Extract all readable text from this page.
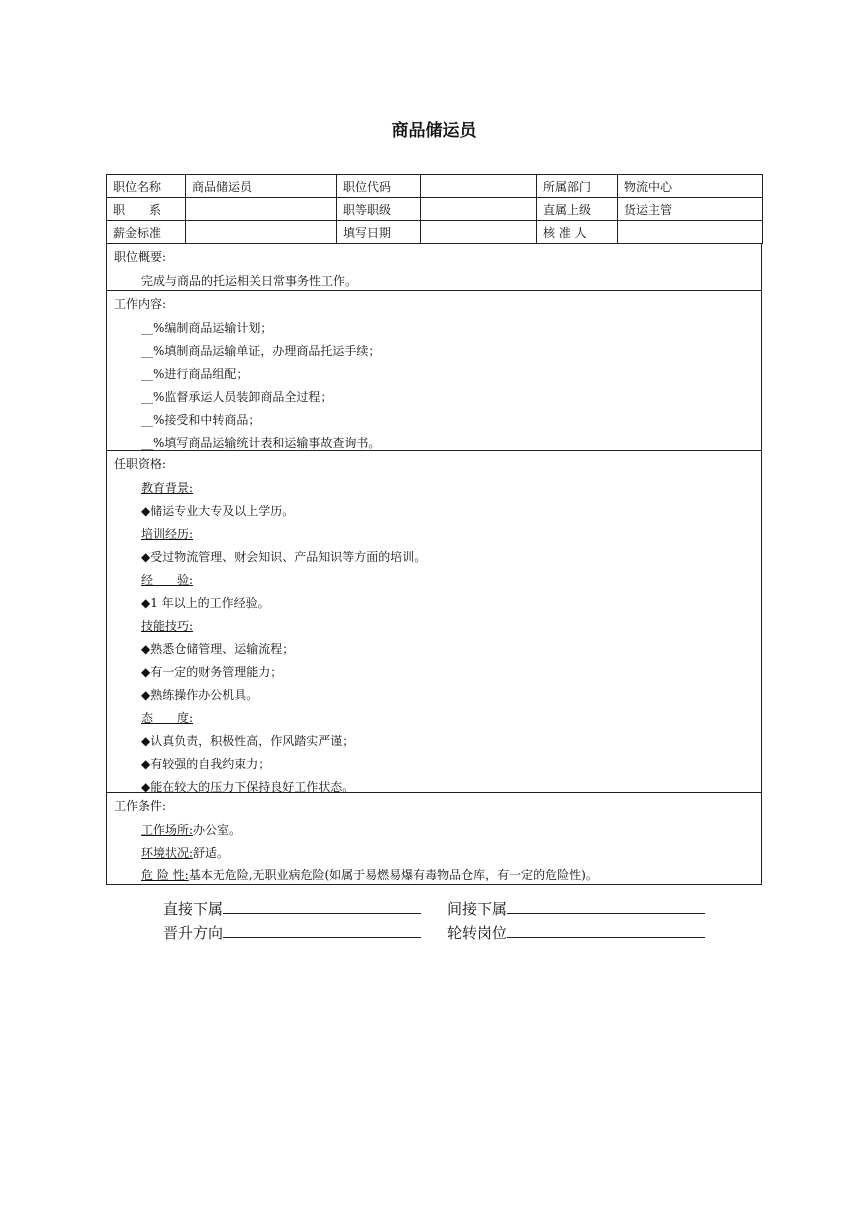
商品储运员
职位名称	商品储运员	职位代码		所属部门	物流中心
职　　系		职等职级		直属上级	货运主管
薪金标准		填写日期		核 准 人	
职位概要:
完成与商品的托运相关日常事务性工作。
工作内容:
__%编制商品运输计划；
__%填制商品运输单证，办理商品托运手续；
__%进行商品组配；
__%监督承运人员装卸商品全过程；
__%接受和中转商品；
__%填写商品运输统计表和运输事故查询书。
任职资格:
教育背景:
◆储运专业大专及以上学历。
培训经历:
◆受过物流管理、财会知识、产品知识等方面的培训。
经　　验:
◆1 年以上的工作经验。
技能技巧:
◆熟悉仓储管理、运输流程；
◆有一定的财务管理能力；
◆熟练操作办公机具。
态　　度:
◆认真负责，积极性高，作风踏实严谨；
◆有较强的自我约束力；
◆能在较大的压力下保持良好工作状态。
工作条件:
工作场所:办公室。
环境状况:舒适。
危 险 性:基本无危险,无职业病危险(如属于易燃易爆有毒物品仓库，有一定的危险性)。
直接下属	间接下属
晋升方向	轮转岗位
